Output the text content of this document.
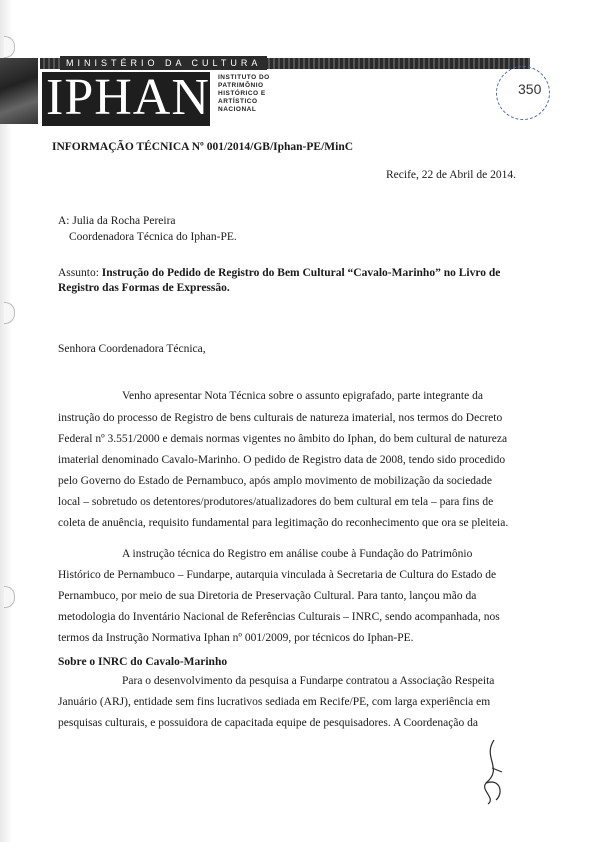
MINISTÉRIO DA CULTURA
IPHAN INSTITUTO DO
PATRIMÔNIO
HISTÓRICO E
ARTÍSTICO
NACIONAL
350
INFORMAÇÃO TÉCNICA Nº 001/2014/GB/Iphan-PE/MinC
Recife, 22 de Abril de 2014.
A: Julia da Rocha Pereira
Coordenadora Técnica do Iphan-PE.
Assunto: Instrução do Pedido de Registro do Bem Cultural “Cavalo-Marinho” no Livro de
Registro das Formas de Expressão.
Senhora Coordenadora Técnica,
Venho apresentar Nota Técnica sobre o assunto epigrafado, parte integrante da
instrução do processo de Registro de bens culturais de natureza imaterial, nos termos do Decreto
Federal nº 3.551/2000 e demais normas vigentes no âmbito do Iphan, do bem cultural de natureza
imaterial denominado Cavalo-Marinho. O pedido de Registro data de 2008, tendo sido procedido
pelo Governo do Estado de Pernambuco, após amplo movimento de mobilização da sociedade
local – sobretudo os detentores/produtores/atualizadores do bem cultural em tela – para fins de
coleta de anuência, requisito fundamental para legitimação do reconhecimento que ora se pleiteia.
A instrução técnica do Registro em análise coube à Fundação do Patrimônio
Histórico de Pernambuco – Fundarpe, autarquia vinculada à Secretaria de Cultura do Estado de
Pernambuco, por meio de sua Diretoria de Preservação Cultural. Para tanto, lançou mão da
metodologia do Inventário Nacional de Referências Culturais – INRC, sendo acompanhada, nos
termos da Instrução Normativa Iphan nº 001/2009, por técnicos do Iphan-PE.
Sobre o INRC do Cavalo-Marinho
Para o desenvolvimento da pesquisa a Fundarpe contratou a Associação Respeita
Januário (ARJ), entidade sem fins lucrativos sediada em Recife/PE, com larga experiência em
pesquisas culturais, e possuidora de capacitada equipe de pesquisadores. A Coordenação da
